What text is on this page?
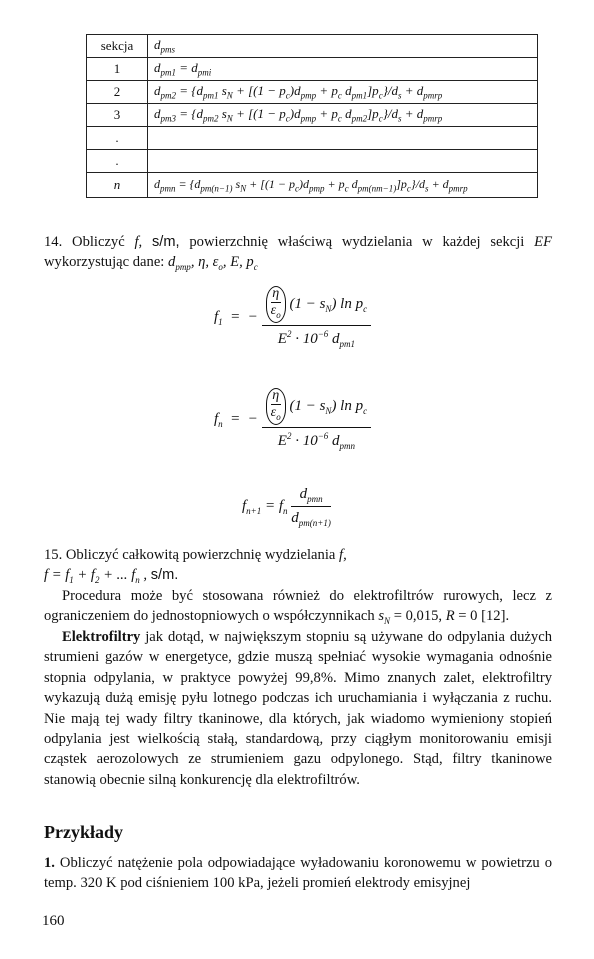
sekcja	$d_{pms}$
1	$d_{pm1} = d_{pmi}$
2	$d_{pm2} = \{d_{pm1}$ $s_N + [(1 - p_c)d_{pmp} + p_c$ $d_{pm1}]p_c\}/d_s + d_{pmrp}$
3	$d_{pm3} = \{d_{pm2}$ $s_N + [(1 - p_c)d_{pmp} + p_c$ $d_{pm2}]p_c\}/d_s + d_{pmrp}$
.	
.	
n	$d_{pmn} = \{d_{pm(n-1)}$ $s_N + [(1 - p_c)d_{pmp} + p_c$ $d_{pm(nm-1)}]p_c\}/d_s + d_{pmrp}$
14. Obliczyć f, s/m, powierzchnię właściwą wydzielania w każdej sekcji EF wykorzystując dane: $d_{pmp}$, η, $\varepsilon_o$, E, $p_c$
$f_1$  =  − $\frac{\frac{\eta}{\varepsilon_o} (1 - s_N) \ln p_c}{E^2 \cdot 10^{-6} d_{pm1}}$
$f_n$  =  − $\frac{\frac{\eta}{\varepsilon_o} (1 - s_N) \ln p_c}{E^2 \cdot 10^{-6} d_{pmn}}$
$f_{n+1} = f_n \frac{d_{pmn}}{d_{pm(n+1)}}$
15. Obliczyć całkowitą powierzchnię wydzielania f,
$f = f_1 + f_2$ + ... $f_n$ , s/m.
Procedura może być stosowana również do elektrofiltrów rurowych, lecz z ograniczeniem do jednostopniowych o współczynnikach $s_N = 0,015$, R = 0 [12].
Elektrofiltry jak dotąd, w największym stopniu są używane do odpylania dużych strumieni gazów w energetyce, gdzie muszą spełniać wysokie wymagania odnośnie stopnia odpylania, w praktyce powyżej 99,8%. Mimo znanych zalet, elektrofiltry wykazują dużą emisję pyłu lotnego podczas ich uruchamiania i wyłączania z ruchu. Nie mają tej wady filtry tkaninowe, dla których, jak wiadomo wymieniony stopień odpylania jest wielkością stałą, standardową, przy ciągłym monitorowaniu emisji cząstek aerozolowych ze strumieniem gazu odpylonego. Stąd, filtry tkaninowe stanowią obecnie silną konkurencję dla elektrofiltrów.
Przykłady
1. Obliczyć natężenie pola odpowiadające wyładowaniu koronowemu w powietrzu o temp. 320 K pod ciśnieniem 100 kPa, jeżeli promień elektrody emisyjnej
160
